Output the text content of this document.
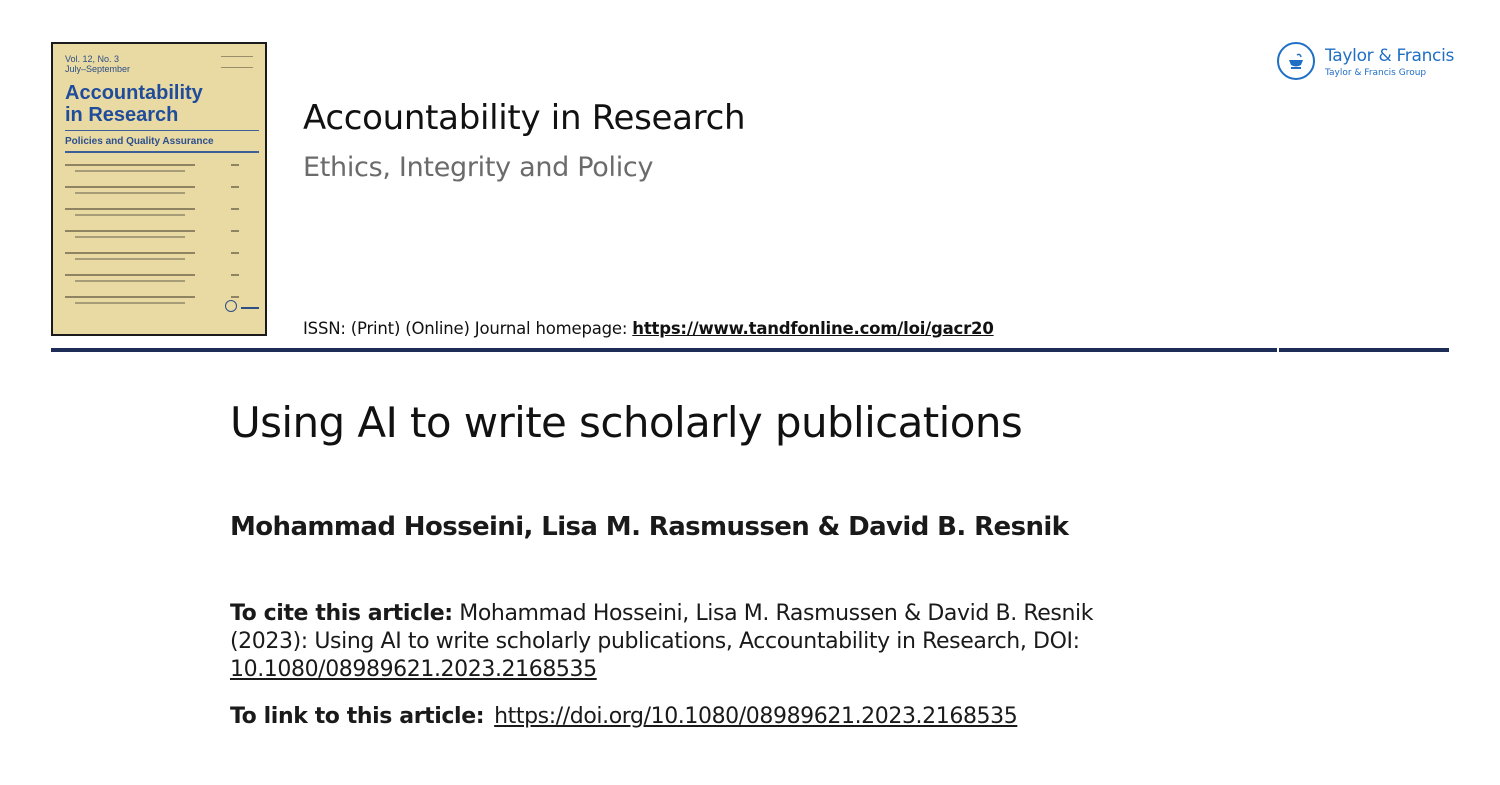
Vol. 12, No. 3
July–September
Accountability
in Research
Policies and Quality Assurance
Accountability in Research
Ethics, Integrity and Policy
ISSN: (Print) (Online) Journal homepage: https://www.tandfonline.com/loi/gacr20
Taylor & Francis
Taylor & Francis Group
Using AI to write scholarly publications
Mohammad Hosseini, Lisa M. Rasmussen & David B. Resnik
To cite this article: Mohammad Hosseini, Lisa M. Rasmussen & David B. Resnik (2023): Using AI to write scholarly publications, Accountability in Research, DOI: 10.1080/08989621.2023.2168535
To link to this article: https://doi.org/10.1080/08989621.2023.2168535
